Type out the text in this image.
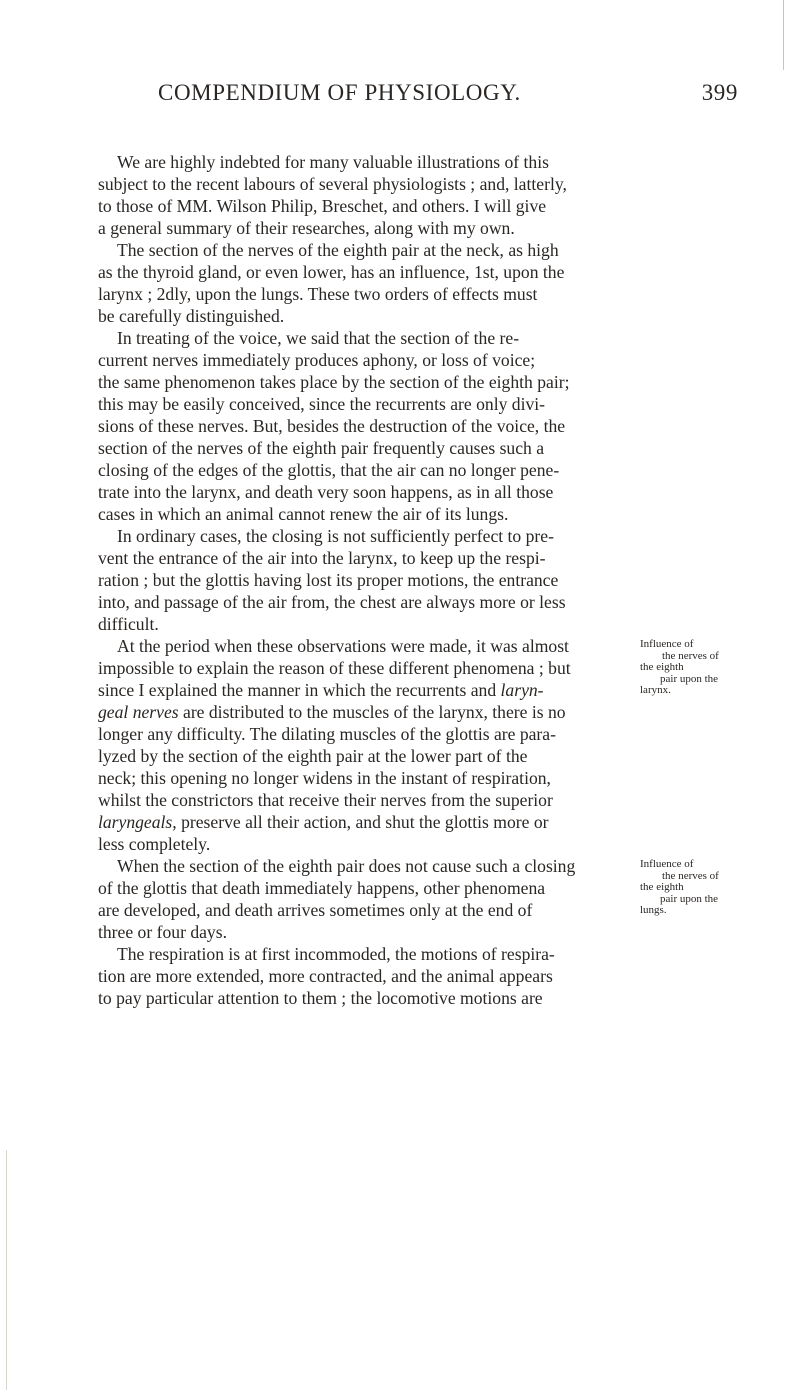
COMPENDIUM OF PHYSIOLOGY.	399
We are highly indebted for many valuable illustrations of this
subject to the recent labours of several physiologists ; and, latterly,
to those of MM. Wilson Philip, Breschet, and others. I will give
a general summary of their researches, along with my own.
The section of the nerves of the eighth pair at the neck, as high
as the thyroid gland, or even lower, has an influence, 1st, upon the
larynx ; 2dly, upon the lungs. These two orders of effects must
be carefully distinguished.
In treating of the voice, we said that the section of the re-
current nerves immediately produces aphony, or loss of voice;
the same phenomenon takes place by the section of the eighth pair;
this may be easily conceived, since the recurrents are only divi-
sions of these nerves. But, besides the destruction of the voice, the
section of the nerves of the eighth pair frequently causes such a
closing of the edges of the glottis, that the air can no longer pene-
trate into the larynx, and death very soon happens, as in all those
cases in which an animal cannot renew the air of its lungs.
In ordinary cases, the closing is not sufficiently perfect to pre-
vent the entrance of the air into the larynx, to keep up the respi-
ration ; but the glottis having lost its proper motions, the entrance
into, and passage of the air from, the chest are always more or less
difficult.
At the period when these observations were made, it was almost
impossible to explain the reason of these different phenomena ; but
since I explained the manner in which the recurrents and laryn-
geal nerves are distributed to the muscles of the larynx, there is no
longer any difficulty. The dilating muscles of the glottis are para-
lyzed by the section of the eighth pair at the lower part of the
neck; this opening no longer widens in the instant of respiration,
whilst the constrictors that receive their nerves from the superior
laryngeals, preserve all their action, and shut the glottis more or
less completely.
When the section of the eighth pair does not cause such a closing
of the glottis that death immediately happens, other phenomena
are developed, and death arrives sometimes only at the end of
three or four days.
The respiration is at first incommoded, the motions of respira-
tion are more extended, more contracted, and the animal appears
to pay particular attention to them ; the locomotive motions are
Influence of
the nerves of
the eighth
pair upon the
larynx.
Influence of
the nerves of
the eighth
pair upon the
lungs.
